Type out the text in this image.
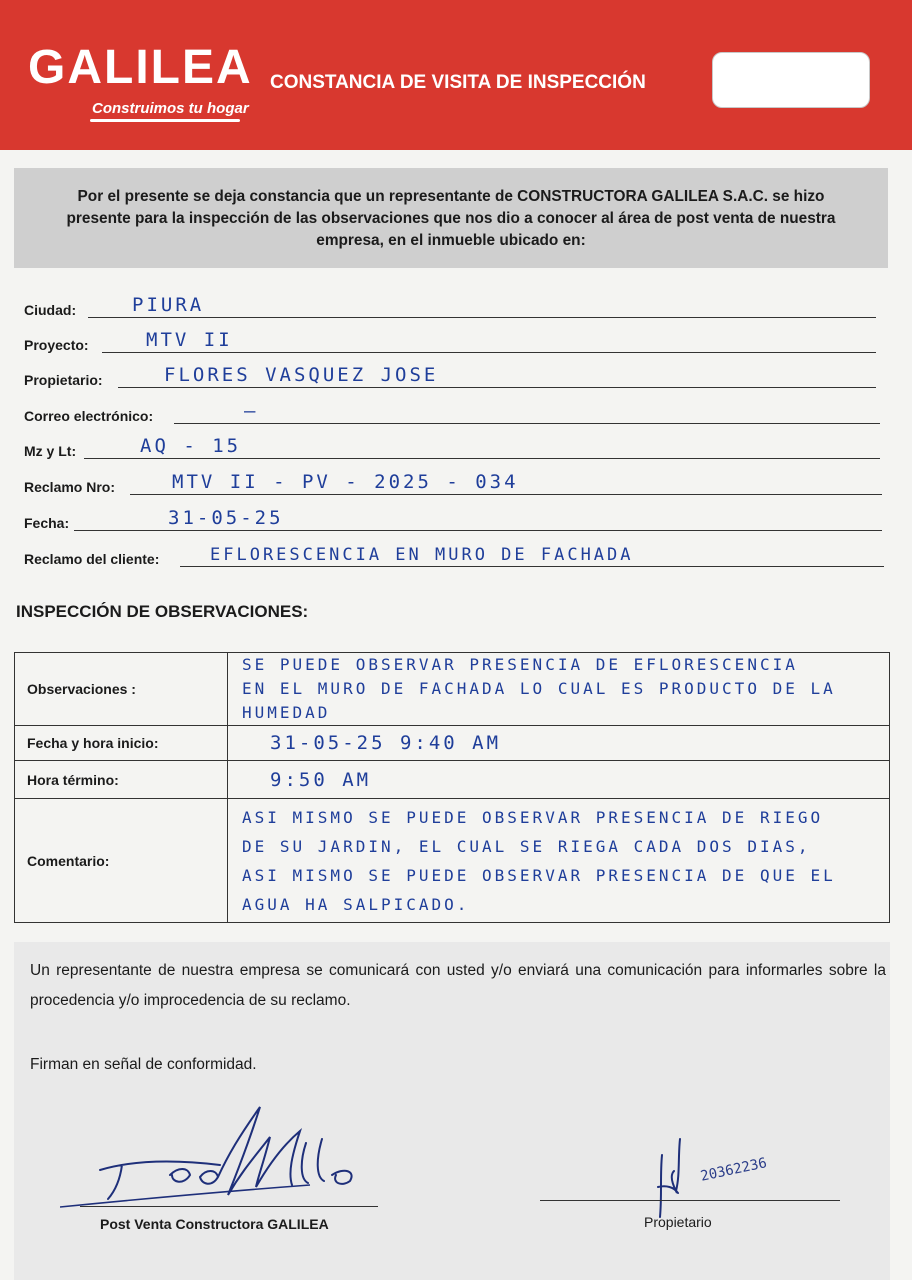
GALILEA
Construimos tu hogar
CONSTANCIA DE VISITA DE INSPECCIÓN
Por el presente se deja constancia que un representante de CONSTRUCTORA GALILEA S.A.C. se hizo presente para la inspección de las observaciones que nos dio a conocer al área de post venta de nuestra empresa, en el inmueble ubicado en:
Ciudad:	PIURA
Proyecto:	MTV II
Propietario:	FLORES VASQUEZ JOSE
Correo electrónico:	—
Mz y Lt:	AQ - 15
Reclamo Nro:	MTV II - PV - 2025 - 034
Fecha:	31-05-25
Reclamo del cliente:	EFLORESCENCIA EN MURO DE FACHADA
INSPECCIÓN DE OBSERVACIONES:
Observaciones :	SE PUEDE OBSERVAR PRESENCIA DE EFLORESCENCIA
EN EL MURO DE FACHADA LO CUAL ES PRODUCTO DE LA
HUMEDAD

Fecha y hora inicio:	31-05-25 9:40 AM

Hora término:	9:50 AM

Comentario:	ASI MISMO SE PUEDE OBSERVAR PRESENCIA DE RIEGO
DE SU JARDIN, EL CUAL SE RIEGA CADA DOS DIAS,
ASI MISMO SE PUEDE OBSERVAR PRESENCIA DE QUE EL
AGUA HA SALPICADO.
Un representante de nuestra empresa se comunicará con usted y/o enviará una comunicación para informarles sobre la procedencia y/o improcedencia de su reclamo.
Firman en señal de conformidad.
Post Venta Constructora GALILEA
20362236
Propietario
